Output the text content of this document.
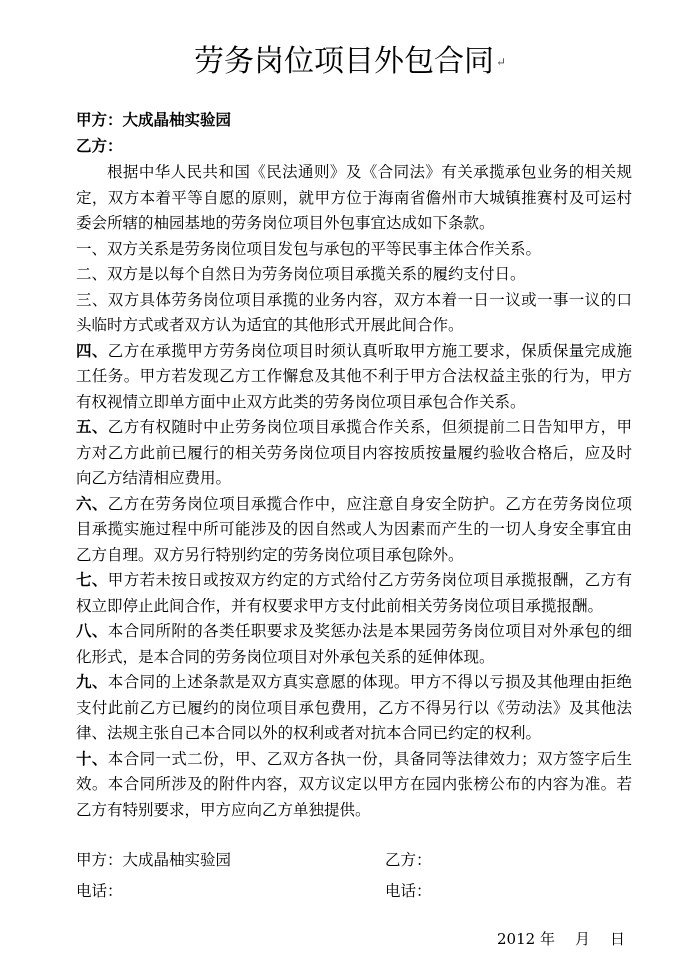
劳务岗位项目外包合同 ↵
甲方：大成晶柚实验园
乙方：

根据中华人民共和国《民法通则》及《合同法》有关承揽承包业务的相关规定，双方本着平等自愿的原则，就甲方位于海南省儋州市大城镇推赛村及可运村委会所辖的柚园基地的劳务岗位项目外包事宜达成如下条款。

一、双方关系是劳务岗位项目发包与承包的平等民事主体合作关系。

二、双方是以每个自然日为劳务岗位项目承揽关系的履约支付日。

三、双方具体劳务岗位项目承揽的业务内容，双方本着一日一议或一事一议的口头临时方式或者双方认为适宜的其他形式开展此间合作。

四、乙方在承揽甲方劳务岗位项目时须认真听取甲方施工要求，保质保量完成施工任务。甲方若发现乙方工作懈怠及其他不利于甲方合法权益主张的行为，甲方有权视情立即单方面中止双方此类的劳务岗位项目承包合作关系。

五、乙方有权随时中止劳务岗位项目承揽合作关系，但须提前二日告知甲方，甲方对乙方此前已履行的相关劳务岗位项目内容按质按量履约验收合格后，应及时向乙方结清相应费用。

六、乙方在劳务岗位项目承揽合作中，应注意自身安全防护。乙方在劳务岗位项目承揽实施过程中所可能涉及的因自然或人为因素而产生的一切人身安全事宜由乙方自理。双方另行特别约定的劳务岗位项目承包除外。

七、甲方若未按日或按双方约定的方式给付乙方劳务岗位项目承揽报酬，乙方有权立即停止此间合作，并有权要求甲方支付此前相关劳务岗位项目承揽报酬。

八、本合同所附的各类任职要求及奖惩办法是本果园劳务岗位项目对外承包的细化形式，是本合同的劳务岗位项目对外承包关系的延伸体现。

九、本合同的上述条款是双方真实意愿的体现。甲方不得以亏损及其他理由拒绝支付此前乙方已履约的岗位项目承包费用，乙方不得另行以《劳动法》及其他法律、法规主张自己本合同以外的权利或者对抗本合同已约定的权利。

十、本合同一式二份，甲、乙双方各执一份，具备同等法律效力；双方签字后生效。本合同所涉及的附件内容，双方议定以甲方在园内张榜公布的内容为准。若乙方有特别要求，甲方应向乙方单独提供。

甲方：大成晶柚实验园	乙方：
电话：	电话：
2012 年 月 日
